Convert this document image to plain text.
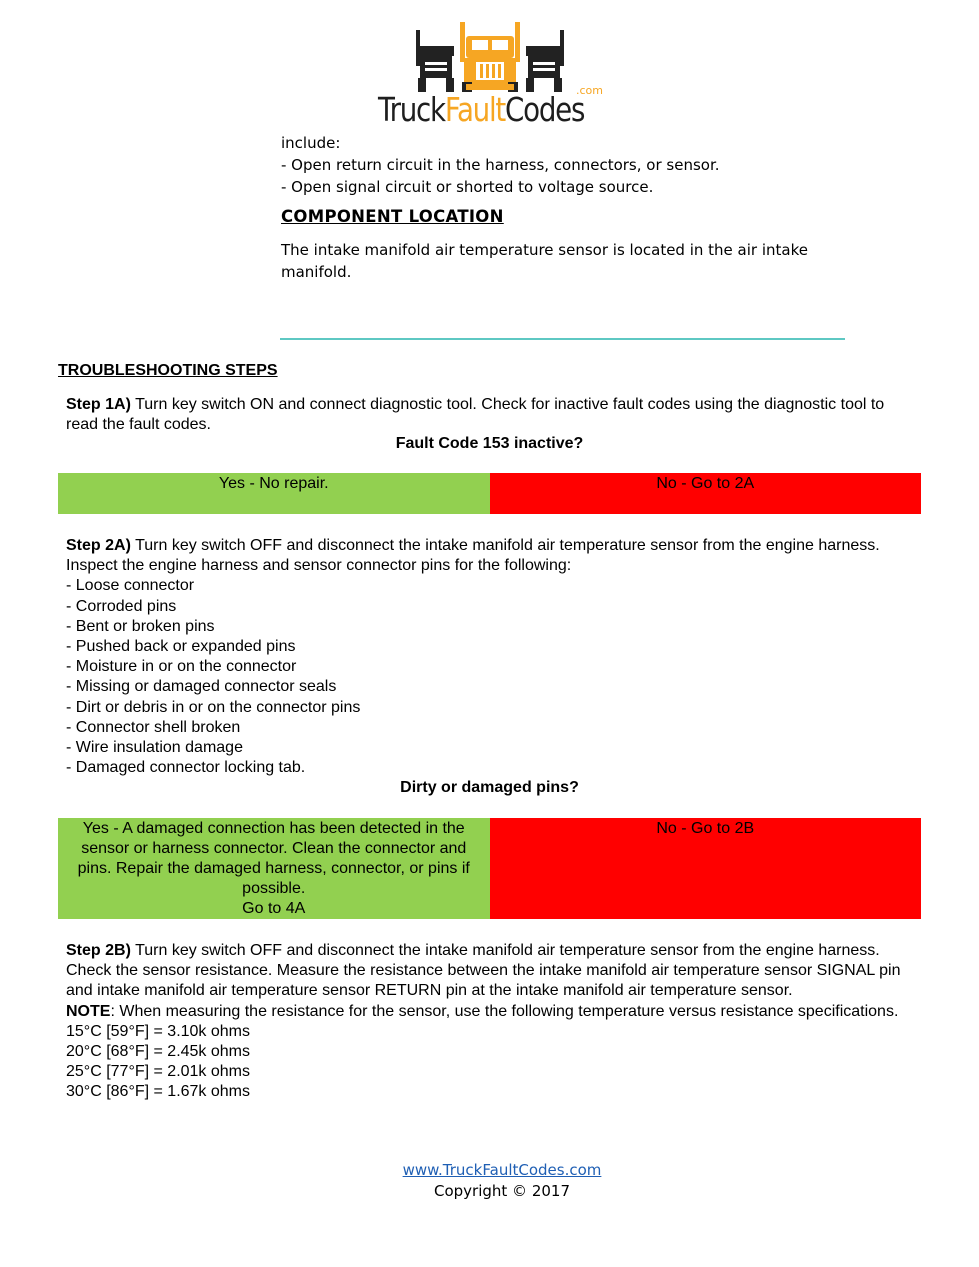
.com
TruckFaultCodes
include:
- Open return circuit in the harness, connectors, or sensor.
- Open signal circuit or shorted to voltage source.
COMPONENT LOCATION
The intake manifold air temperature sensor is located in the air intake manifold.
TROUBLESHOOTING STEPS
Step 1A) Turn key switch ON and connect diagnostic tool. Check for inactive fault codes using the diagnostic tool to read the fault codes.
Fault Code 153 inactive?
Yes - No repair.	No - Go to 2A
Step 2A) Turn key switch OFF and disconnect the intake manifold air temperature sensor from the engine harness. Inspect the engine harness and sensor connector pins for the following:
- Loose connector
- Corroded pins
- Bent or broken pins
- Pushed back or expanded pins
- Moisture in or on the connector
- Missing or damaged connector seals
- Dirt or debris in or on the connector pins
- Connector shell broken
- Wire insulation damage
- Damaged connector locking tab.
Dirty or damaged pins?
Yes - A damaged connection has been detected in the sensor or harness connector. Clean the connector and pins. Repair the damaged harness, connector, or pins if possible.
Go to 4A
No - Go to 2B
Step 2B) Turn key switch OFF and disconnect the intake manifold air temperature sensor from the engine harness. Check the sensor resistance. Measure the resistance between the intake manifold air temperature sensor SIGNAL pin and intake manifold air temperature sensor RETURN pin at the intake manifold air temperature sensor.
NOTE: When measuring the resistance for the sensor, use the following temperature versus resistance specifications.
15°C [59°F] = 3.10k ohms
20°C [68°F] = 2.45k ohms
25°C [77°F] = 2.01k ohms
30°C [86°F] = 1.67k ohms
www.TruckFaultCodes.com
Copyright © 2017
